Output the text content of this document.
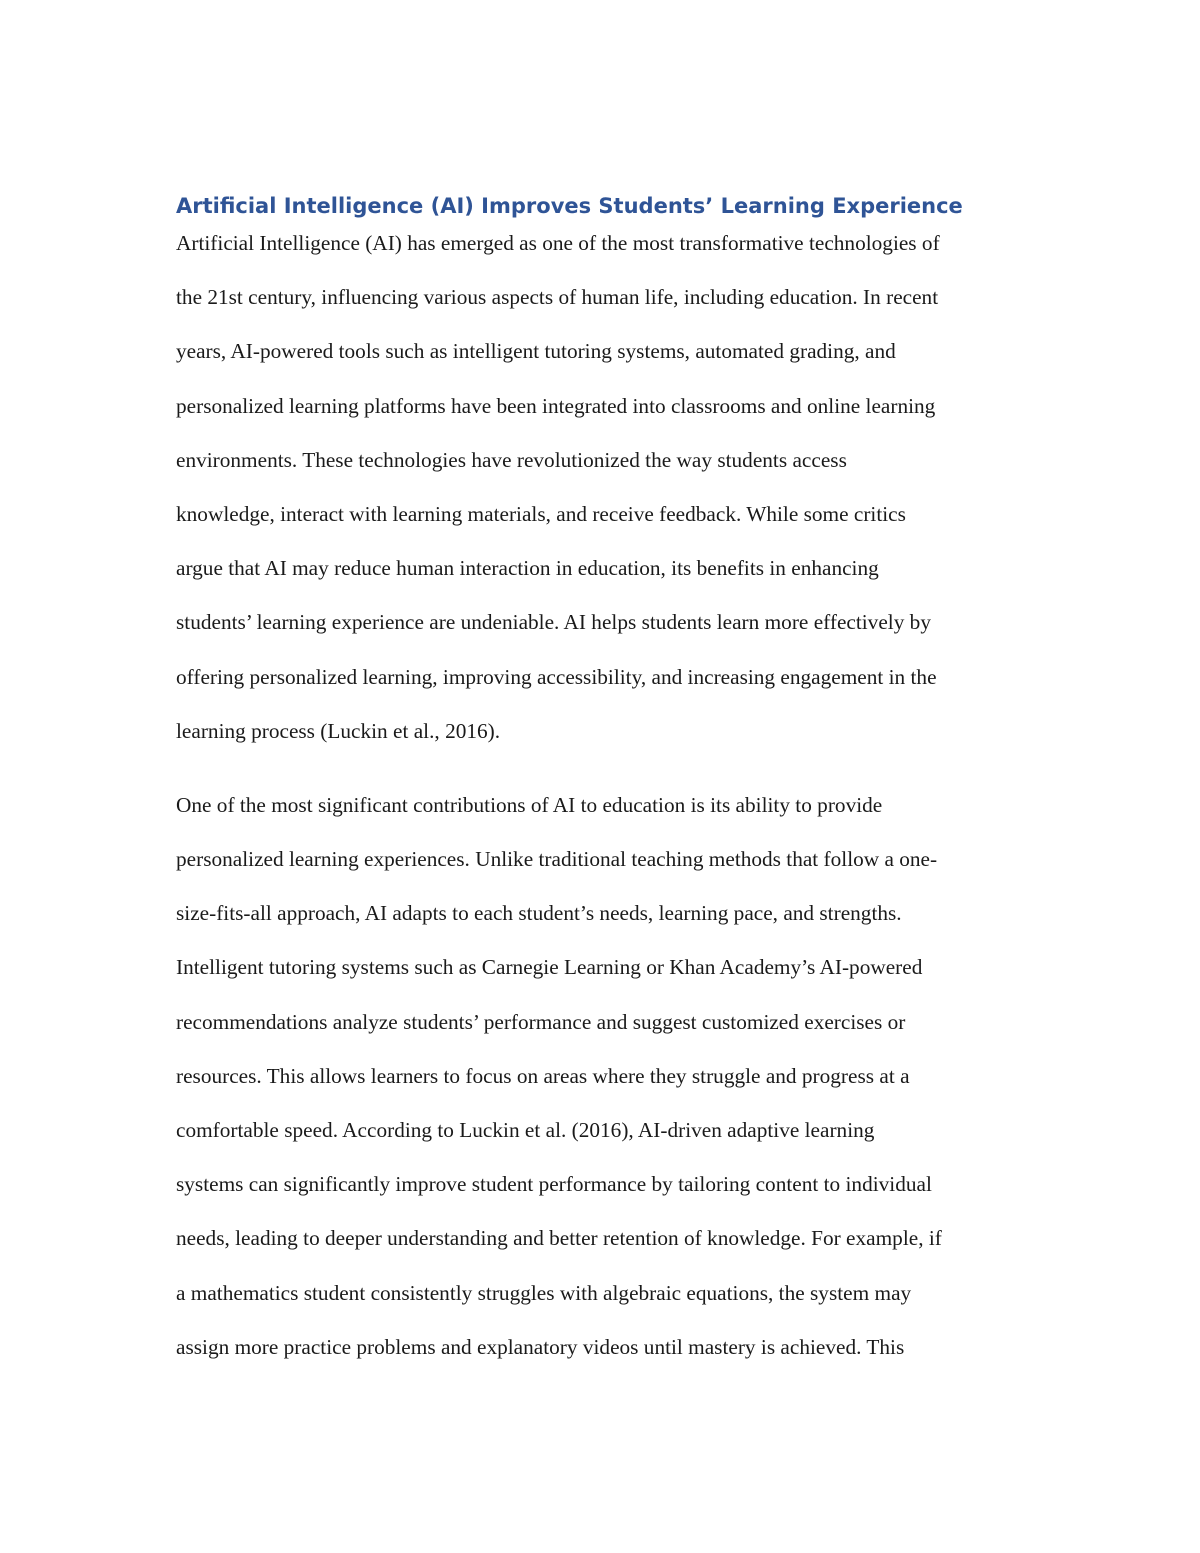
Artificial Intelligence (AI) Improves Students’ Learning Experience

Artificial Intelligence (AI) has emerged as one of the most transformative technologies of
the 21st century, influencing various aspects of human life, including education. In recent
years, AI-powered tools such as intelligent tutoring systems, automated grading, and
personalized learning platforms have been integrated into classrooms and online learning
environments. These technologies have revolutionized the way students access
knowledge, interact with learning materials, and receive feedback. While some critics
argue that AI may reduce human interaction in education, its benefits in enhancing
students’ learning experience are undeniable. AI helps students learn more effectively by
offering personalized learning, improving accessibility, and increasing engagement in the
learning process (Luckin et al., 2016).

One of the most significant contributions of AI to education is its ability to provide
personalized learning experiences. Unlike traditional teaching methods that follow a one-
size-fits-all approach, AI adapts to each student’s needs, learning pace, and strengths.
Intelligent tutoring systems such as Carnegie Learning or Khan Academy’s AI-powered
recommendations analyze students’ performance and suggest customized exercises or
resources. This allows learners to focus on areas where they struggle and progress at a
comfortable speed. According to Luckin et al. (2016), AI-driven adaptive learning
systems can significantly improve student performance by tailoring content to individual
needs, leading to deeper understanding and better retention of knowledge. For example, if
a mathematics student consistently struggles with algebraic equations, the system may
assign more practice problems and explanatory videos until mastery is achieved. This
